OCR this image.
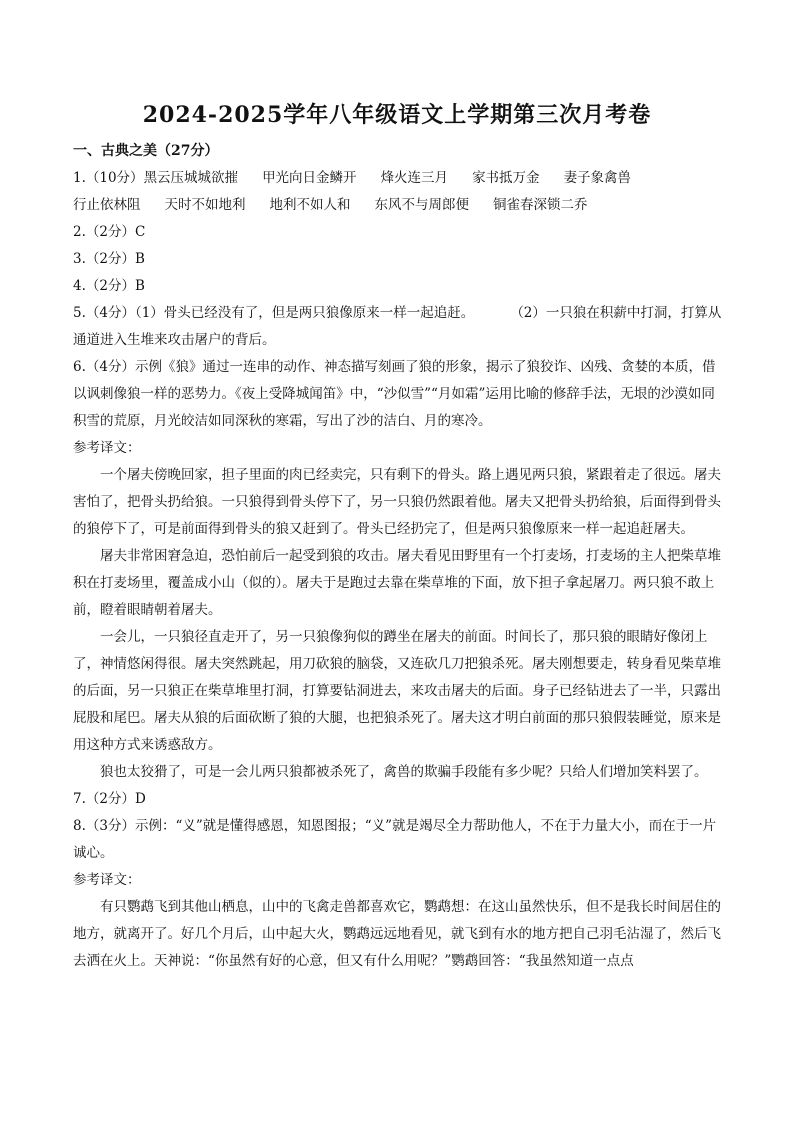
2024-2025学年八年级语文上学期第三次月考卷

一、古典之美（27分）

1.（10分）黑云压城城欲摧 甲光向日金鳞开 烽火连三月 家书抵万金 妻子象禽兽

行止依林阻 天时不如地利 地利不如人和 东风不与周郎便 铜雀春深锁二乔

2.（2分）C

3.（2分）B

4.（2分）B

5.（4分）（1）骨头已经没有了，但是两只狼像原来一样一起追赶。	（2）一只狼在积薪中打洞，打算从通道进入生堆来攻击屠户的背后。

6.（4分）示例《狼》通过一连串的动作、神态描写刻画了狼的形象，揭示了狼狡诈、凶残、贪婪的本质，借以讽刺像狼一样的恶势力。《夜上受降城闻笛》中，“沙似雪”“月如霜”运用比喻的修辞手法，无垠的沙漠如同积雪的荒原，月光皎洁如同深秋的寒霜，写出了沙的洁白、月的寒冷。

参考译文：

一个屠夫傍晚回家，担子里面的肉已经卖完，只有剩下的骨头。路上遇见两只狼，紧跟着走了很远。屠夫害怕了，把骨头扔给狼。一只狼得到骨头停下了，另一只狼仍然跟着他。屠夫又把骨头扔给狼，后面得到骨头的狼停下了，可是前面得到骨头的狼又赶到了。骨头已经扔完了，但是两只狼像原来一样一起追赶屠夫。

屠夫非常困窘急迫，恐怕前后一起受到狼的攻击。屠夫看见田野里有一个打麦场，打麦场的主人把柴草堆积在打麦场里，覆盖成小山（似的）。屠夫于是跑过去靠在柴草堆的下面，放下担子拿起屠刀。两只狼不敢上前，瞪着眼睛朝着屠夫。

一会儿，一只狼径直走开了，另一只狼像狗似的蹲坐在屠夫的前面。时间长了，那只狼的眼睛好像闭上了，神情悠闲得很。屠夫突然跳起，用刀砍狼的脑袋，又连砍几刀把狼杀死。屠夫刚想要走，转身看见柴草堆的后面，另一只狼正在柴草堆里打洞，打算要钻洞进去，来攻击屠夫的后面。身子已经钻进去了一半，只露出屁股和尾巴。屠夫从狼的后面砍断了狼的大腿，也把狼杀死了。屠夫这才明白前面的那只狼假装睡觉，原来是用这种方式来诱惑敌方。

狼也太狡猾了，可是一会儿两只狼都被杀死了，禽兽的欺骗手段能有多少呢？只给人们增加笑料罢了。

7.（2分）D

8.（3分）示例：“义”就是懂得感恩，知恩图报；“义”就是竭尽全力帮助他人，不在于力量大小，而在于一片诚心。

参考译文：

有只鹦鹉飞到其他山栖息，山中的飞禽走兽都喜欢它，鹦鹉想：在这山虽然快乐，但不是我长时间居住的地方，就离开了。好几个月后，山中起大火，鹦鹉远远地看见，就飞到有水的地方把自己羽毛沾湿了，然后飞去洒在火上。天神说：“你虽然有好的心意，但又有什么用呢？”鹦鹉回答：“我虽然知道一点点
